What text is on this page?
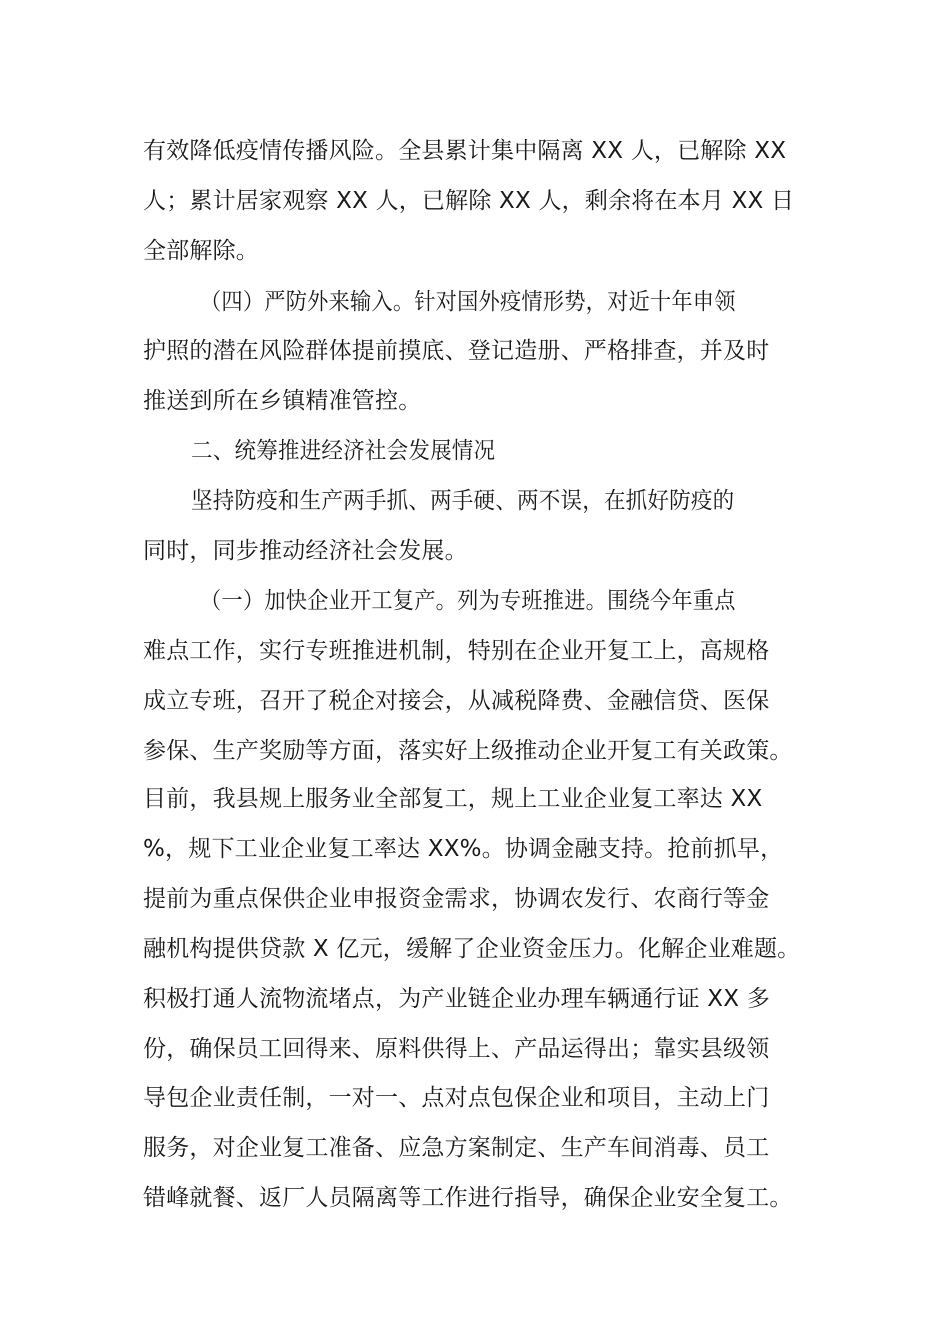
有效降低疫情传播风险。全县累计集中隔离 XX 人，已解除 XX
人；累计居家观察 XX 人，已解除 XX 人，剩余将在本月 XX 日
全部解除。
（四）严防外来输入。针对国外疫情形势，对近十年申领
护照的潜在风险群体提前摸底、登记造册、严格排查，并及时
推送到所在乡镇精准管控。
二、统筹推进经济社会发展情况
坚持防疫和生产两手抓、两手硬、两不误，在抓好防疫的
同时，同步推动经济社会发展。
（一）加快企业开工复产。列为专班推进。围绕今年重点
难点工作，实行专班推进机制，特别在企业开复工上，高规格
成立专班，召开了税企对接会，从减税降费、金融信贷、医保
参保、生产奖励等方面，落实好上级推动企业开复工有关政策。
目前，我县规上服务业全部复工，规上工业企业复工率达 XX
%，规下工业企业复工率达 XX%。协调金融支持。抢前抓早，
提前为重点保供企业申报资金需求，协调农发行、农商行等金
融机构提供贷款 X 亿元，缓解了企业资金压力。化解企业难题。
积极打通人流物流堵点，为产业链企业办理车辆通行证 XX 多
份，确保员工回得来、原料供得上、产品运得出；靠实县级领
导包企业责任制，一对一、点对点包保企业和项目，主动上门
服务，对企业复工准备、应急方案制定、生产车间消毒、员工
错峰就餐、返厂人员隔离等工作进行指导，确保企业安全复工。
